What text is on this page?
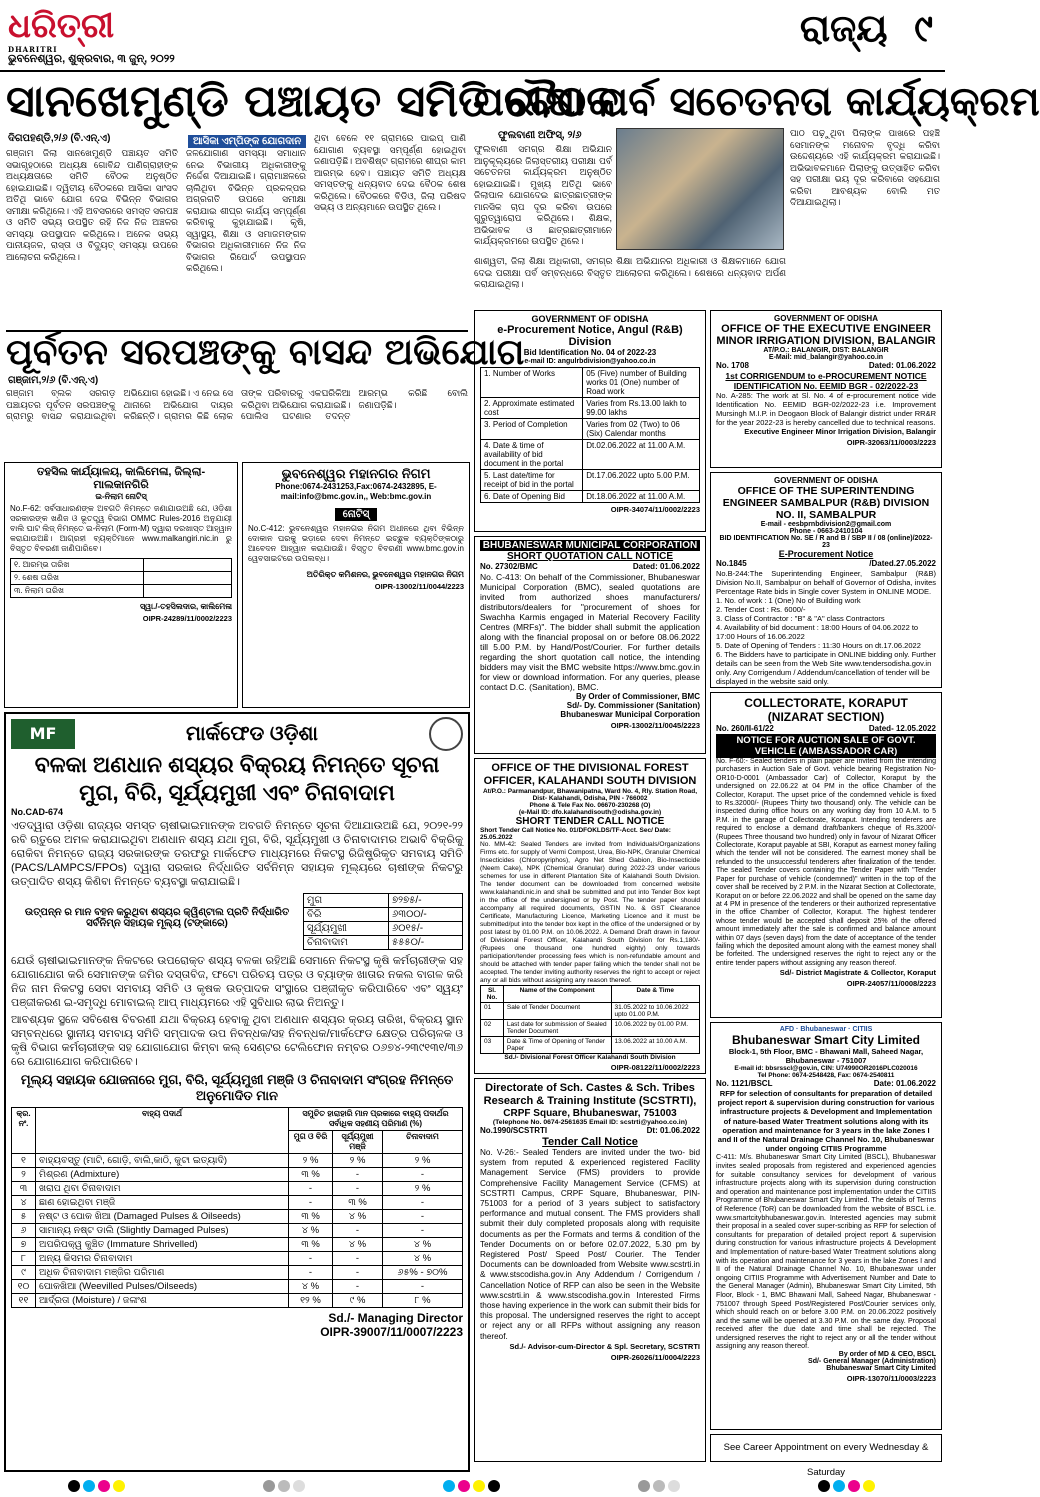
ଧରିତ୍ରୀ
DHARITRI
ଭୁବନେଶ୍ୱର, ଶୁକ୍ରବାର, ୩ ଜୁନ୍, ୨୦୨୨
ରାଜ୍ୟ ୯
ସାନଖେମୁଣ୍ଡି ପଞ୍ଚାୟତ ସମିତି ବୈଠକ
ଦିଗପହଣ୍ଡି,୨/୬ (ବି.ଏନ୍.ଏ)	ଆସିକା ଏମ୍ପିଙ୍କ ଯୋଗଦାନ
ଗଞ୍ଜାମ ଜିଲା ସାନଖେମୁଣ୍ଡି ପଞ୍ଚାୟତ ସମିତି ସଭାଗୃହଠାରେ ଅଧ୍ୟକ୍ଷ ଗୋବିନ୍ଦ ପାଣିଗ୍ରାହୀଙ୍କ ଅଧ୍ୟକ୍ଷତାରେ ସମିତି ବୈଠକ ଅନୁଷ୍ଠିତ ହୋଇଯାଇଛି। ଦ୍ୱିତୀୟ ବୈଠକରେ ଆସିକା ସାଂସଦ ଅତିଥି ଭାବେ ଯୋଗ ଦେଇ ବିଭିନ୍ନ ବିଭାଗର ସମୀକ୍ଷା କରିଥିଲେ। ଏହି ଅବସରରେ ସମସ୍ତ ସରପଞ୍ଚ ଓ ସମିତି ସଭ୍ୟ ଉପସ୍ଥିତ ରହି ନିଜ ନିଜ ଅଞ୍ଚଳର ସମସ୍ୟା ଉପସ୍ଥାପନ କରିଥିଲେ। ଅନେକ ସଭ୍ୟ ପାନୀୟଜଳ, ରାସ୍ତା ଓ ବିଦ୍ୟୁତ୍ ସମସ୍ୟା ଉପରେ ଆଲୋଚନା କରିଥିଲେ।
ଜଳଯୋଗାଣ ସମସ୍ୟା ସମାଧାନ ନେଇ ବିଭାଗୀୟ ଅଧିକାରୀଙ୍କୁ ନିର୍ଦ୍ଦେଶ ଦିଆଯାଇଛି। ଗ୍ରାମାଞ୍ଚଳରେ ଚାଲିଥିବା ବିଭିନ୍ନ ପ୍ରକଳ୍ପର ଅଗ୍ରଗତି ଉପରେ ସମୀକ୍ଷା କରାଯାଇ ଶୀଘ୍ର କାର୍ଯ୍ୟ ସମ୍ପୂର୍ଣ୍ଣ କରିବାକୁ କୁହାଯାଇଛି। କୃଷି, ସ୍ୱାସ୍ଥ୍ୟ, ଶିକ୍ଷା ଓ ସମାଜମଙ୍ଗଳ ବିଭାଗର ଅଧିକାରୀମାନେ ନିଜ ନିଜ ବିଭାଗର ରିପୋର୍ଟ ଉପସ୍ଥାପନ କରିଥିଲେ।
ଥିବା ବେଳେ ୧୧ ଗ୍ରାମରେ ପାଇପ୍ ପାଣି ଯୋଗାଣ ବ୍ୟବସ୍ଥା ସମ୍ପୂର୍ଣ୍ଣ ହୋଇଥିବା ଜଣାପଡ଼ିଛି। ଅବଶିଷ୍ଟ ଗ୍ରାମରେ ଶୀଘ୍ର କାମ ଆରମ୍ଭ ହେବ। ପଞ୍ଚାୟତ ସମିତି ଅଧ୍ୟକ୍ଷ ସମସ୍ତଙ୍କୁ ଧନ୍ୟବାଦ ଦେଇ ବୈଠକ ଶେଷ କରିଥିଲେ। ବୈଠକରେ ବିଡିଓ, ଜିଲା ପରିଷଦ ସଭ୍ୟ ଓ ଅନ୍ୟମାନେ ଉପସ୍ଥିତ ଥିଲେ।
ପରୀକ୍ଷା ପର୍ବ ସଚେତନତା କାର୍ଯ୍ୟକ୍ରମ
ଫୁଲବାଣୀ ଅଫିସ୍, ୨/୬
ଫୁଲବାଣୀ ସମଗ୍ର ଶିକ୍ଷା ଅଭିଯାନ ଆନୁକୂଲ୍ୟରେ ଜିଲାସ୍ତରୀୟ ପରୀକ୍ଷା ପର୍ବ ସଚେତନତା କାର୍ଯ୍ୟକ୍ରମ ଅନୁଷ୍ଠିତ ହୋଇଯାଇଛି। ମୁଖ୍ୟ ଅତିଥି ଭାବେ ଜିଲାପାଳ ଯୋଗଦେଇ ଛାତ୍ରଛାତ୍ରୀଙ୍କ ମାନସିକ ଚାପ ଦୂର କରିବା ଉପରେ ଗୁରୁତ୍ୱାରୋପ କରିଥିଲେ। ଶିକ୍ଷକ, ଅଭିଭାବକ ଓ ଛାତ୍ରଛାତ୍ରୀମାନେ କାର୍ଯ୍ୟକ୍ରମରେ ଉପସ୍ଥିତ ଥିଲେ।
ପାଠ ପଢ଼ୁଥିବା ପିଲାଙ୍କ ପାଖରେ ପହଞ୍ଚି ସେମାନଙ୍କ ମନୋବଳ ବୃଦ୍ଧି କରିବା ଉଦ୍ଦେଶ୍ୟରେ ଏହି କାର୍ଯ୍ୟକ୍ରମ କରାଯାଇଛି। ଅଭିଭାବକମାନେ ପିଲାଙ୍କୁ ଉତ୍ସାହିତ କରିବା ସହ ପରୀକ୍ଷା ଭୟ ଦୂର କରିବାରେ ସହଯୋଗ କରିବା ଆବଶ୍ୟକ ବୋଲି ମତ ଦିଆଯାଇଥିଲା।
ଶାଶ୍ୱତୀ, ଜିଲା ଶିକ୍ଷା ଅଧିକାରୀ, ସମଗ୍ର ଶିକ୍ଷା ଅଭିଯାନର ଅଧିକାରୀ ଓ ଶିକ୍ଷକମାନେ ଯୋଗ ଦେଇ ପରୀକ୍ଷା ପର୍ବ ସମ୍ବନ୍ଧରେ ବିସ୍ତୃତ ଆଲୋଚନା କରିଥିଲେ। ଶେଷରେ ଧନ୍ୟବାଦ ଅର୍ପଣ କରାଯାଇଥିଲା।
ପୂର୍ବତନ ସରପଞ୍ଚଙ୍କୁ ବାସନ୍ଦ ଅଭିଯୋଗ
ଗଞ୍ଜାମ,୨/୬ (ବି.ଏନ୍.ଏ)
ଗଞ୍ଜାମ ବ୍ଲକ ସରଗଡ଼ ପଞ୍ଚାୟତର ପୂର୍ବତନ ସରପଞ୍ଚଙ୍କୁ ଗ୍ରାମରୁ ବାସନ୍ଦ କରାଯାଇଥିବା ଅଭିଯୋଗ ହୋଇଛି। ଏ ନେଇ ସେ ଥାନାରେ ଅଭିଯୋଗ ଦାୟର କରିଛନ୍ତି। ଗ୍ରାମର କିଛି ଲୋକ ତାଙ୍କ ପରିବାରକୁ ଏକଘରିକିଆ କରିଥିବା ଅଭିଯୋଗ କରାଯାଇଛି। ପୋଲିସ ଘଟଣାର ତଦନ୍ତ ଆରମ୍ଭ କରିଛି ବୋଲି ଜଣାପଡ଼ିଛି।
ତହସିଲ କାର୍ଯ୍ୟାଳୟ, କାଲିମେଳା, ଜିଲ୍ଲା-ମାଲକାନଗିରି
ଇ-ନିଲାମ ନୋଟିସ୍
No.F-62: ସର୍ବସାଧାରଣଙ୍କ ଅବଗତି ନିମନ୍ତେ ଜଣାଯାଉଅଛି ଯେ, ଓଡ଼ିଶା ସରକାରଙ୍କ ଖଣିଜ ଓ ଭୂତତ୍ତ୍ୱ ବିଭାଗ OMMC Rules-2016 ଅନୁଯାୟୀ ବାଲି ଘାଟ ଲିଜ୍ ନିମନ୍ତେ ଇ-ନିଲାମ (Form-M) ଦ୍ୱାରା ଦରଖାସ୍ତ ଆହ୍ୱାନ କରାଯାଉଅଛି। ଆଗ୍ରହୀ ବ୍ୟକ୍ତିମାନେ www.malkangiri.nic.in ରୁ ବିସ୍ତୃତ ବିବରଣୀ ଜାଣିପାରିବେ।
୧. ଆରମ୍ଭ ତାରିଖ	
୨. ଶେଷ ତାରିଖ	
୩. ନିଲାମ ତାରିଖ	
ସ୍ୱା./-ତହସିଲଦାର, କାଲିମେଳା
OIPR-24289/11/0002/2223
ଭୁବନେଶ୍ୱର ମହାନଗର ନିଗମ
Phone:0674-2431253,Fax:0674-2432895, E-mail:info@bmc.gov.in,, Web:bmc.gov.in
ନୋଟିସ୍
No.C-412: ଭୁବନେଶ୍ୱର ମହାନଗର ନିଗମ ଅଧୀନରେ ଥିବା ବିଭିନ୍ନ ଦୋକାନ ଘରକୁ ଭଡ଼ାରେ ଦେବା ନିମନ୍ତେ ଇଚ୍ଛୁକ ବ୍ୟକ୍ତିଙ୍କଠାରୁ ଆବେଦନ ଆହ୍ୱାନ କରାଯାଉଛି। ବିସ୍ତୃତ ବିବରଣୀ www.bmc.gov.in ୱେବସାଇଟରେ ଉପଲବ୍ଧ।
ଅତିରିକ୍ତ କମିଶନର, ଭୁବନେଶ୍ୱର ମହାନଗର ନିଗମ
OIPR-13002/11/0044/2223
GOVERNMENT OF ODISHA
e-Procurement Notice, Angul (R&B) Division
Bid Identification No. 04 of 2022-23
e-mail ID: angulrbdivision@yahoo.co.in
1. Number of Works	05 (Five) number of Building works 01 (One) number of Road work
2. Approximate estimated cost	Varies from Rs.13.00 lakh to 99.00 lakhs
3. Period of Completion	Varies from 02 (Two) to 06 (Six) Calendar months
4. Date & time of availability of bid document in the portal	Dt.02.06.2022 at 11.00 A.M.
5. Last date/time for receipt of bid in the portal	Dt.17.06.2022 upto 5.00 P.M.
6. Date of Opening Bid	Dt.18.06.2022 at 11.00 A.M.
OIPR-34074/11/0002/2223
GOVERNMENT OF ODISHA
OFFICE OF THE EXECUTIVE ENGINEER MINOR IRRIGATION DIVISION, BALANGIR
AT/P.O.: BALANGIR, DIST: BALANGIR
E-Mail: mid_balangir@yahoo.co.in
No. 1708	Dated: 01.06.2022
1st CORRIGENDUM to e-PROCUREMENT NOTICE
IDENTIFICATION No. EEMID BGR - 02/2022-23
No. A-285: The work at Sl. No. 4 of e-procurement notice vide Identification No. EEMID BGR-02/2022-23 i.e. Improvement Mursingh M.I.P. in Deogaon Block of Balangir district under RR&R for the year 2022-23 is hereby cancelled due to technical reasons.
Executive Engineer Minor Irrigation Division, Balangir
OIPR-32063/11/0003/2223
GOVERNMENT OF ODISHA
OFFICE OF THE SUPERINTENDING ENGINEER SAMBALPUR (R&B) DIVISION NO. II, SAMBALPUR
E-mail - eesbprnbdivision2@gmail.com
Phone - 0663-2410104
BID IDENTIFICATION No. SE / R and B / SBP II / 08 (online)/2022-23
E-Procurement Notice
No.1845	/Dated.27.05.2022
No.B-244:The Superintending Engineer, Sambalpur (R&B) Division No.II, Sambalpur on behalf of Governor of Odisha, invites Percentage Rate bids in Single cover System in ONLINE MODE.
1. No. of work : 1 (One) No of Building work
2. Tender Cost : Rs. 6000/-
3. Class of Contractor : "B" & "A" class Contractors
4. Availability of bid document : 18:00 Hours of 04.06.2022 to 17:00 Hours of 16.06.2022
5. Date of Opening of Tenders : 11:30 Hours on dt.17.06.2022
6. The Bidders have to participate in ONLINE bidding only. Further details can be seen from the Web Site www.tendersodisha.gov.in only. Any Corrigendum / Addendum/cancellation of tender will be displayed in the website said only.
BHUBANESWAR MUNICIPAL CORPORATION
SHORT QUOTATION CALL NOTICE
No. 27302/BMC	Dated: 01.06.2022
No. C-413: On behalf of the Commissioner, Bhubaneswar Municipal Corporation (BMC), sealed quotations are invited from authorized shoes manufacturers/ distributors/dealers for "procurement of shoes for Swachha Karmis engaged in Material Recovery Facility Centres (MRFs)". The bidder shall submit the application along with the financial proposal on or before 08.06.2022 till 5.00 P.M. by Hand/Post/Courier. For further details regarding the short quotation call notice, the intending bidders may visit the BMC website https://www.bmc.gov.in for view or download information. For any queries, please contact D.C. (Sanitation), BMC.
By Order of Commissioner, BMC
Sd/- Dy. Commissioner (Sanitation)
Bhubaneswar Municipal Corporation
OIPR-13002/11/0045/2223
COLLECTORATE, KORAPUT
(NIZARAT SECTION)
No. 260/II-61/22	Dated- 12.05.2022
NOTICE FOR AUCTION SALE OF GOVT. VEHICLE (AMBASSADOR CAR)
No. F-60:- Sealed tenders in plain paper are invited from the intending purchasers in Auction Sale of Govt. vehicle bearing Registration No-OR10-D-0001 (Ambassador Car) of Collector, Koraput by the undersigned on 22.06.22 at 04 PM in the office Chamber of the Collector, Koraput. The upset price of the condemned vehicle is fixed to Rs.32000/- (Rupees Thirty two thousand) only. The vehicle can be inspected during office hours on any working day from 10 A.M. to 5 P.M. in the garage of Collectorate, Koraput. Intending tenderers are required to enclose a demand draft/bankers cheque of Rs.3200/- (Rupees Three thousand two hundred) only in favour of Nizarat Officer Collectorate, Koraput payable at SBI, Koraput as earnest money failing which the tender will not be considered. The earnest money shall be refunded to the unsuccessful tenderers after finalization of the tender. The sealed Tender covers containing the Tender Paper with "Tender Paper for purchase of vehicle (condemned)" written in the top of the cover shall be received by 2 P.M. in the Nizarat Section at Collectorate, Koraput on or before 22.06.2022 and shall be opened on the same day at 4 PM in presence of the tenderers or their authorized representative in the office Chamber of Collector, Koraput. The highest tenderer whose tender would be accepted shall deposit 25% of the offered amount immediately after the sale is confirmed and balance amount within 07 days (seven days) from the date of acceptance of the tender failing which the deposited amount along with the earnest money shall be forfeited. The undersigned reserves the right to reject any or the entire tender papers without assigning any reason thereof.
Sd/- District Magistrate & Collector, Koraput
OIPR-24057/11/0008/2223
MF	ମାର୍କଫେଡ ଓଡ଼ିଶା
ବଳକା ଅଣଧାନ ଶସ୍ୟର ବିକ୍ରୟ ନିମନ୍ତେ ସୂଚନା
ମୁଗ, ବିରି, ସୂର୍ଯ୍ୟମୁଖୀ ଏବଂ ଚିନାବାଦାମ
No.CAD-674
ଏତଦ୍ୱାରା ଓଡ଼ିଶା ରାଜ୍ୟର ସମସ୍ତ ଚାଷୀଭାଇମାନଙ୍କ ଅବଗତି ନିମନ୍ତେ ସୂଚନା ଦିଆଯାଉଅଛି ଯେ, ୨୦୨୧-୨୨ ରବି ଋତୁରେ ଅମଳ କରାଯାଇଥିବା ଅଣଧାନ ଶସ୍ୟ ଯଥା ମୁଗ, ବିରି, ସୂର୍ଯ୍ୟମୁଖୀ ଓ ଚିନାବାଦାମର ଅଭାବି ବିକ୍ରିକୁ ରୋକିବା ନିମନ୍ତେ ରାଜ୍ୟ ସରକାରଙ୍କ ତରଫରୁ ମାର୍କଫେଡ ମାଧ୍ୟମରେ ନିକଟସ୍ଥ ରିଜିଷ୍ଟ୍ରିକୃତ ସମବାୟ ସମିତି (PACS/LAMPCS/FPOs) ଦ୍ୱାରା ସରକାର ନିର୍ଦ୍ଧାରିତ ସର୍ବନିମ୍ନ ସହାୟକ ମୂଲ୍ୟରେ ଚାଷୀଙ୍କ ନିକଟରୁ ଉତ୍ପାଦିତ ଶସ୍ୟ କିଣିବା ନିମନ୍ତେ ବ୍ୟବସ୍ଥା କରାଯାଇଛି।
ଉତ୍ପନ୍ନ ର ମାନ ବହନ କରୁଥିବା ଶସ୍ୟର କ୍ୱିଣ୍ଟାଲ ପ୍ରତି ନିର୍ଦ୍ଧାରିତ ସର୍ବନିମ୍ନ ସହାୟକ ମୂଲ୍ୟ (ଟଙ୍କାରେ)
ମୁଗ	୭୨୭୫/-
ବିରି	୬୩୦୦/-
ସୂର୍ଯ୍ୟମୁଖୀ	୬୦୧୫/-
ଚିନାବାଦାମ	୫୫୫୦/-
ଯେଉଁ ଚାଷୀଭାଇମାନଙ୍କ ନିକଟରେ ଉପରୋକ୍ତ ଶସ୍ୟ ବଳକା ରହିଅଛି ସେମାନେ ନିକଟସ୍ଥ କୃଷି କର୍ମଚାରୀଙ୍କ ସହ ଯୋଗାଯୋଗ କରି ସେମାନଙ୍କ ଜମିର ଦସ୍ତାବିଜ, ଫଟୋ ପରିଚୟ ପତ୍ର ଓ ବ୍ୟାଙ୍କ ଖାତାର ନକଲ ବାଗଳ କରି ନିଜ ନାମ ନିକଟସ୍ଥ ସେବା ସମବାୟ ସମିତି ଓ କୃଷକ ଉତ୍ପାଦକ ସଂସ୍ଥାରେ ପଞ୍ଜୀକୃତ କରିପାରିବେ ଏବଂ ସ୍ୱୟଂ ପଞ୍ଜୀକରଣ ଇ-ସମୃଦ୍ଧି ମୋବାଇଲ୍ ଆପ୍ ମାଧ୍ୟମରେ ଏହି ସୁବିଧାର ଲାଭ ନିଅନ୍ତୁ।
ଆବଶ୍ୟକ ସ୍ଥଳେ ସବିଶେଷ ବିବରଣୀ ଯଥା ବିକ୍ରୟ ହେବାକୁ ଥିବା ଅଣଧାନ ଶସ୍ୟର କ୍ରୟ ତାରିଖ, ବିକ୍ରୟ ସ୍ଥାନ ସମ୍ବନ୍ଧରେ ସ୍ଥାନୀୟ ସମବାୟ ସମିତି ସମ୍ପାଦକ ଉପ ନିବନ୍ଧକ/ସହ ନିବନ୍ଧକ/ମାର୍କଫେଡ କ୍ଷେତ୍ର ପରିଚାଳକ ଓ କୃଷି ବିଭାଗ କର୍ମଚାରୀଙ୍କ ସହ ଯୋଗାଯୋଗ କିମ୍ବା କଲ୍ ସେଣ୍ଟର ଟେଲିଫୋନ ନମ୍ବର ୦୬୭୪-୨୩୯୧୩୧/୩୬ ରେ ଯୋଗାଯୋଗ କରିପାରିବେ।
ମୂଲ୍ୟ ସହାୟକ ଯୋଜନାରେ ମୁଗ, ବିରି, ସୂର୍ଯ୍ୟମୁଖୀ ମଞ୍ଜି ଓ ଚିନାବାଦାମ ସଂଗ୍ରହ ନିମନ୍ତେ ଅନୁମୋଦିତ ମାନ
କ୍ର. ନଂ.	ବାହ୍ୟ ପଦାର୍ଥ	ସମୁଚିତ ହାରାହାରି ମାନ ପ୍ରକାରେ ବାହ୍ୟ ପଦାର୍ଥର ସର୍ବାଧିକ ସହଣୀୟ ପରିମାଣ (%)		
		ମୁଗ ଓ ବିରି	ସୂର୍ଯ୍ୟମୁଖୀ ମଞ୍ଜି	ଚିନାବାଦାମ
୧	ବାହ୍ୟବସ୍ତୁ (ମାଟି, ଗୋଡ଼ି, ବାଲି,କାଠି, କୁଟା ଇତ୍ୟାଦି)	୨ %	୨ %	୨ %
୨	ମିଶ୍ରଣ (Admixture)	୩ %	-	-
୩	ଖରାପ ଥିବା ଚିନାବାଦାମ	-	-	୨ %
୪	ଛାଣ ହୋଇଥିବା ମଞ୍ଜି	-	୩ %	-
୫	ନଷ୍ଟ ଓ ପୋକ ଖିଆ (Damaged Pulses & Oilseeds)	୩ %	୪ %	-
୬	ସାମାନ୍ୟ ନଷ୍ଟ ଡାଲି (Slightly Damaged Pulses)	୪ %	-	-
୭	ଅପରିପକ୍ୱ କୁଞ୍ଚିତ (Immature Shrivelled)	୩ %	୪ %	୪ %
୮	ଅନ୍ୟ କିସମର ଚିନାବାଦାମ	-	-	୪ %
୯	ଅଧିକ ଚିନାବାଦାମ ମଞ୍ଜିର ପରିମାଣ	-	-	୬୫% - ୭୦%
୧୦	ପୋକଖିଆ (Weevilled Pulses/Oilseeds)	୪ %	-	-
୧୧	ଆର୍ଦ୍ରତା (Moisture) / ଜଳାଂଶ	୧୨ %	୯ %	୮ %
Sd./- Managing Director
OIPR-39007/11/0007/2223
OFFICE OF THE DIVISIONAL FOREST OFFICER, KALAHANDI SOUTH DIVISION
At/P.O.: Parmanandpur, Bhawanipatna, Ward No. 4, Rly. Station Road, Dist- Kalahandi, Odisha, PIN - 766002
Phone & Tele Fax No. 06670-230268 (O)
(e-Mail ID: dfo.kalahandisouth@odisha.gov.in)
SHORT TENDER CALL NOTICE
Short Tender Call Notice No. 01/DFOKLDS/TF-Acct. Sec/ Date: 25.05.2022
No. MM-42: Sealed Tenders are invited from Individuals/Organizations Firms etc. for supply of Vermi Compost, Urea, Bio-NPK, Granular Chemical Insecticides (Chloropyriphos), Agro Net Shed Gabion, Bio-Insecticide (Neem Cake), NPK (Chemical Granular) during 2022-23 under various schemes for use in different Plantation Site of Kalahandi South Division. The tender document can be downloaded from concerned website www.kalahandi.nic.in and shall be submitted and put into Tender Box kept in the office of the undersigned or by Post. The tender paper should accompany all required documents, GSTIN No. & GST Clearance Certificate, Manufacturing Licence, Marketing Licence and it must be submitted/put into the tender box kept in the office of the undersigned or by post latest by 01.00 P.M. on 10.06.2022. A Demand Draft drawn in favour of Divisional Forest Officer, Kalahandi South Division for Rs.1,180/- (Rupees one thousand one hundred eighty) only towards participation/tender processing fees which is non-refundable amount and should be attached with tender paper failing which the tender shall not be accepted. The tender inviting authority reserves the right to accept or reject any or all bids without assigning any reason thereof.
Sl. No.	Name of the Component	Date & Time
01	Sale of Tender Document	31.05.2022 to 10.06.2022 upto 01.00 P.M.
02	Last date for submission of Sealed Tender Document	10.06.2022 by 01.00 P.M.
03	Date & Time of Opening of Tender Paper	13.06.2022 at 10.00 A.M.
Sd./- Divisional Forest Officer Kalahandi South Division
OIPR-08122/11/0002/2223
Directorate of Sch. Castes & Sch. Tribes Research & Training Institute (SCSTRTI),
CRPF Square, Bhubaneswar, 751003
(Telephone No. 0674-2561635 Email ID: scstrti@yahoo.co.in)
No.1990/SCSTRTI	Dt: 01.06.2022
Tender Call Notice
No. V-26:- Sealed Tenders are invited under the two- bid system from reputed & experienced registered Facility Management Service (FMS) providers to provide Comprehensive Facility Management Service (CFMS) at SCSTRTI Campus, CRPF Square, Bhubaneswar, PIN- 751003 for a period of 3 years subject to satisfactory performance and mutual consent. The FMS providers shall submit their duly completed proposals along with requisite documents as per the Formats and terms & condition of the Tender Documents on or before 02.07.2022, 5.30 pm by Registered Post/ Speed Post/ Courier. The Tender Documents can be downloaded from Website www.scstrti.in & www.stscodisha.gov.in Any Addendum / Corrigendum / Cancellation Notice of RFP can also be seen in the Website www.scstrti.in & www.stscodisha.gov.in Interested Firms those having experience in the work can submit their bids for this proposal. The undersigned reserves the right to accept or reject any or all RFPs without assigning any reason thereof.
Sd./- Advisor-cum-Director & Spl. Secretary, SCSTRTI
OIPR-26026/11/0004/2223
AFD · Bhubaneswar · CITIIS
Bhubaneswar Smart City Limited
Block-1, 5th Floor, BMC - Bhawani Mall, Saheed Nagar, Bhubaneswar - 751007
E-mail id: bbsrsscl@gov.in, CIN: U74990OR2016PLC020016
Tel Phone: 0674-2548428, Fax: 0674-2540811
No. 1121/BSCL	Date: 01.06.2022
RFP for selection of consultants for preparation of detailed project report & supervision during construction for various infrastructure projects & Development and Implementation of nature-based Water Treatment solutions along with its operation and maintenance for 3 years in the lake Zones I and II of the Natural Drainage Channel No. 10, Bhubaneswar under ongoing CITIIS Programme
C-411: M/s. Bhubaneswar Smart City Limited (BSCL), Bhubaneswar invites sealed proposals from registered and experienced agencies for suitable consultancy services for development of various infrastructure projects along with its supervision during construction and operation and maintenance post implementation under the CITIIS Programme of Bhubaneswar Smart City Limited. The details of Terms of Reference (ToR) can be downloaded from the website of BSCL i.e. www.smartcitybhubaneswar.gov.in. Interested agencies may submit their proposal in a sealed cover super-scribing as RFP for selection of consultants for preparation of detailed project report & supervision during construction for various infrastructure projects & Development and Implementation of nature-based Water Treatment solutions along with its operation and maintenance for 3 years in the lake Zones I and II of the Natural Drainage Channel No. 10, Bhubaneswar under ongoing CITIIS Programme with Advertisement Number and Date to the General Manager (Admin), Bhubaneswar Smart City Limited, 5th Floor, Block - 1, BMC Bhawani Mall, Saheed Nagar, Bhubaneswar - 751007 through Speed Post/Registered Post/Courier services only, which should reach on or before 3.00 P.M. on 20.06.2022 positively and the same will be opened at 3.30 P.M. on the same day. Proposal received after the due date and time shall be rejected. The undersigned reserves the right to reject any or all the tender without assigning any reason thereof.
By order of MD & CEO, BSCL
Sd/- General Manager (Administration)
Bhubaneswar Smart City Limited
OIPR-13070/11/0003/2223
See Career Appointment on every Wednesday & Saturday
